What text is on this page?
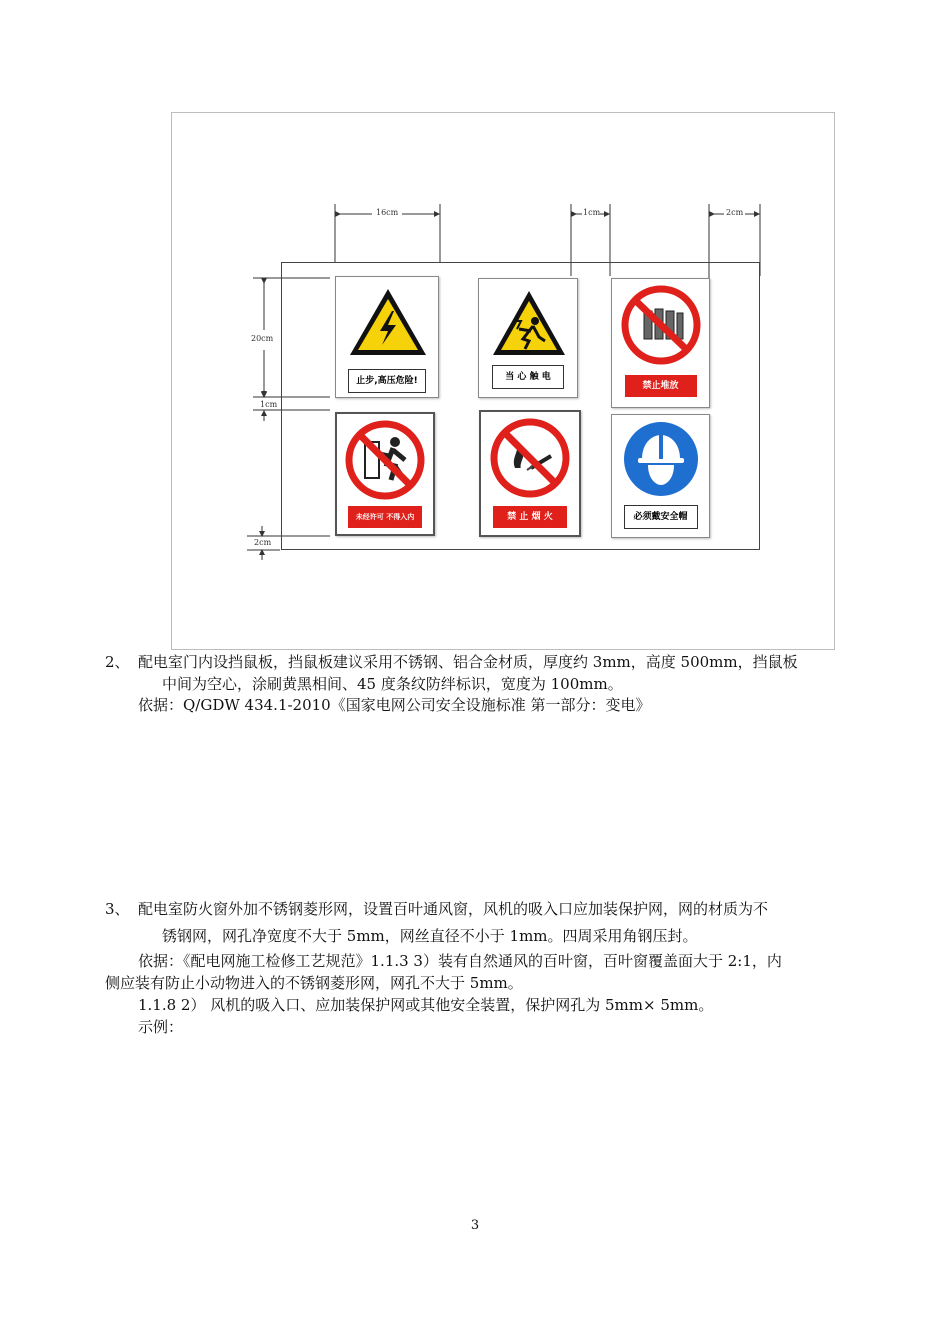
16cm	1cm	2cm
20cm
1cm
2cm
止步,高压危险!	当 心 触 电
禁止堆放
未经许可 不得入内	禁 止 烟 火	必须戴安全帽
2、 配电室门内设挡鼠板，挡鼠板建议采用不锈钢、铝合金材质，厚度约 3mm，高度 500mm，挡鼠板
中间为空心，涂刷黄黑相间、45 度条纹防绊标识，宽度为 100mm。
依据：Q/GDW 434.1-2010《国家电网公司安全设施标准 第一部分：变电》
3、 配电室防火窗外加不锈钢菱形网，设置百叶通风窗，风机的吸入口应加装保护网，网的材质为不
锈钢网，网孔净宽度不大于 5mm，网丝直径不小于 1mm。四周采用角钢压封。
依据：《配电网施工检修工艺规范》1.1.3 3）装有自然通风的百叶窗，百叶窗覆盖面大于 2:1，内
侧应装有防止小动物进入的不锈钢菱形网，网孔不大于 5mm。
1.1.8 2） 风机的吸入口、应加装保护网或其他安全装置，保护网孔为 5mm× 5mm。
示例：
3
